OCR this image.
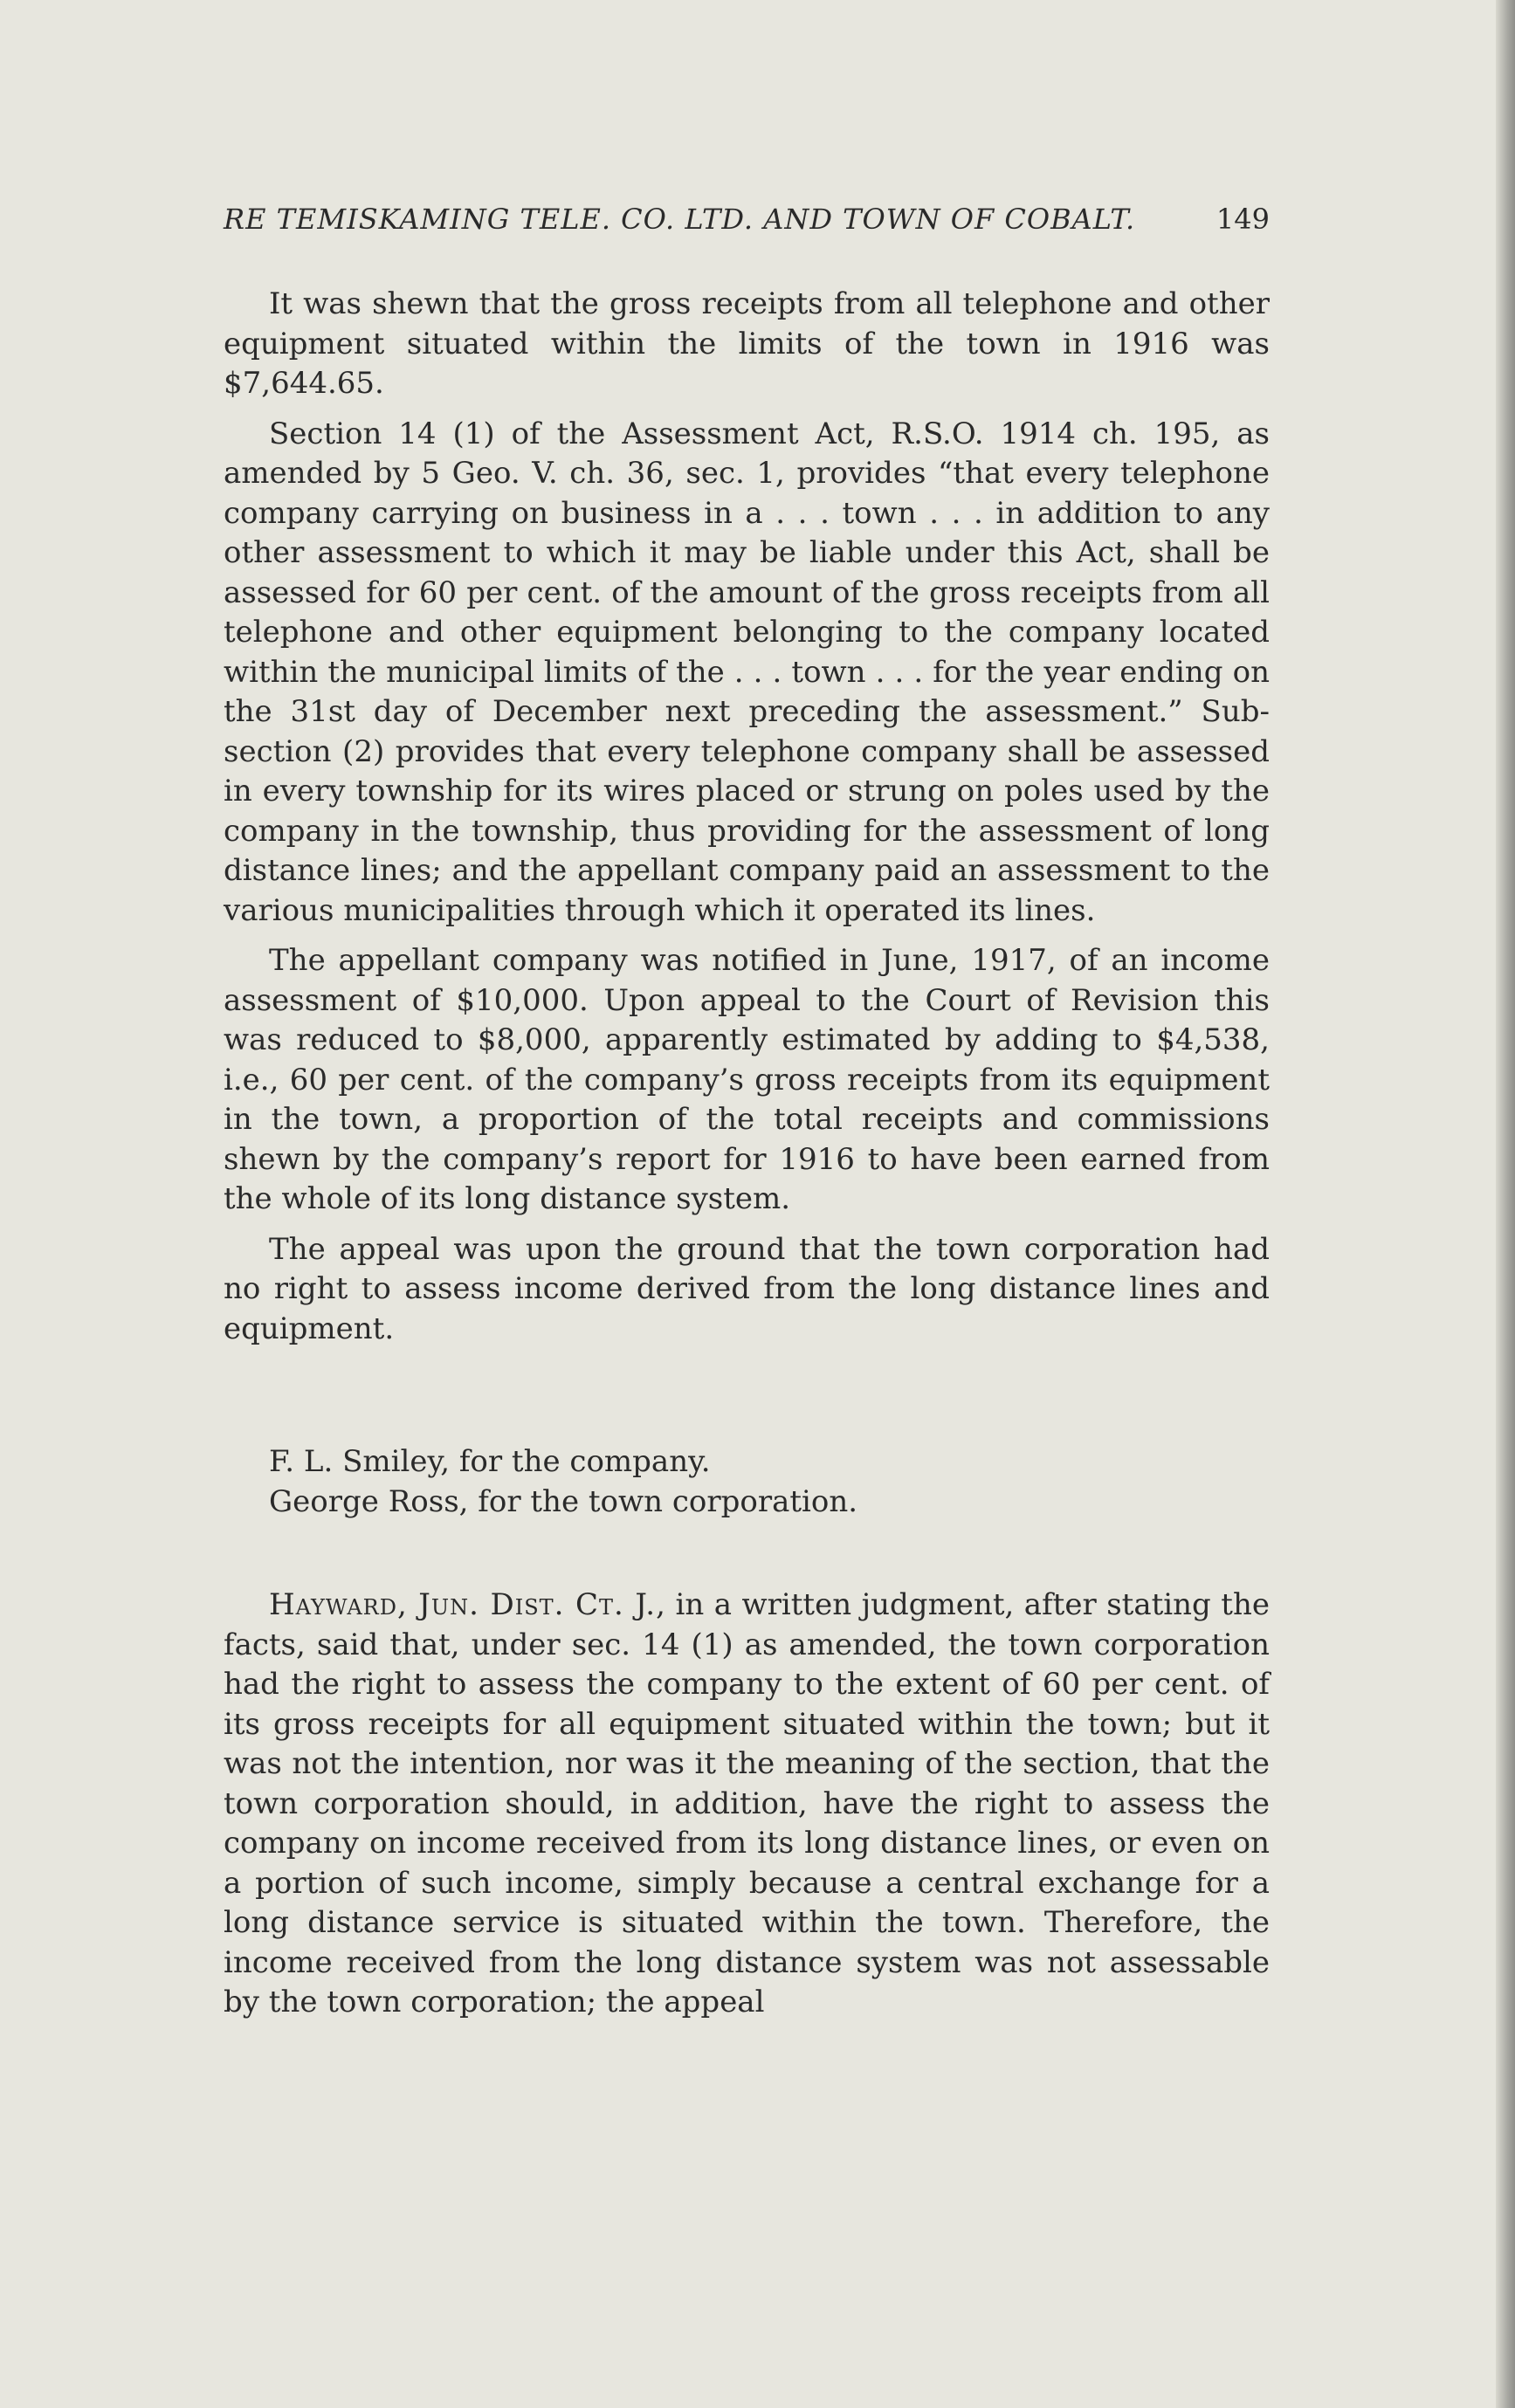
RE TEMISKAMING TELE. CO. LTD. AND TOWN OF COBALT.	149

It was shewn that the gross receipts from all telephone and other equipment situated within the limits of the town in 1916 was $7,644.65.

Section 14 (1) of the Assessment Act, R.S.O. 1914 ch. 195, as amended by 5 Geo. V. ch. 36, sec. 1, provides “that every telephone company carrying on business in a . . . town . . . in addition to any other assessment to which it may be liable under this Act, shall be assessed for 60 per cent. of the amount of the gross receipts from all telephone and other equipment belonging to the company located within the municipal limits of the . . . town . . . for the year ending on the 31st day of December next preceding the assessment.” Sub-section (2) provides that every telephone company shall be assessed in every township for its wires placed or strung on poles used by the company in the township, thus providing for the assessment of long distance lines; and the appellant company paid an assessment to the various municipalities through which it operated its lines.

The appellant company was notified in June, 1917, of an income assessment of $10,000. Upon appeal to the Court of Revision this was reduced to $8,000, apparently estimated by adding to $4,538, i.e., 60 per cent. of the company’s gross receipts from its equipment in the town, a proportion of the total receipts and commissions shewn by the company’s report for 1916 to have been earned from the whole of its long distance system.

The appeal was upon the ground that the town corporation had no right to assess income derived from the long distance lines and equipment.

F. L. Smiley, for the company.
George Ross, for the town corporation.

Hayward, Jun. Dist. Ct. J., in a written judgment, after stating the facts, said that, under sec. 14 (1) as amended, the town corporation had the right to assess the company to the extent of 60 per cent. of its gross receipts for all equipment situated within the town; but it was not the intention, nor was it the meaning of the section, that the town corporation should, in addition, have the right to assess the company on income received from its long distance lines, or even on a portion of such income, simply because a central exchange for a long distance service is situated within the town. Therefore, the income received from the long distance system was not assessable by the town corporation; the appeal
